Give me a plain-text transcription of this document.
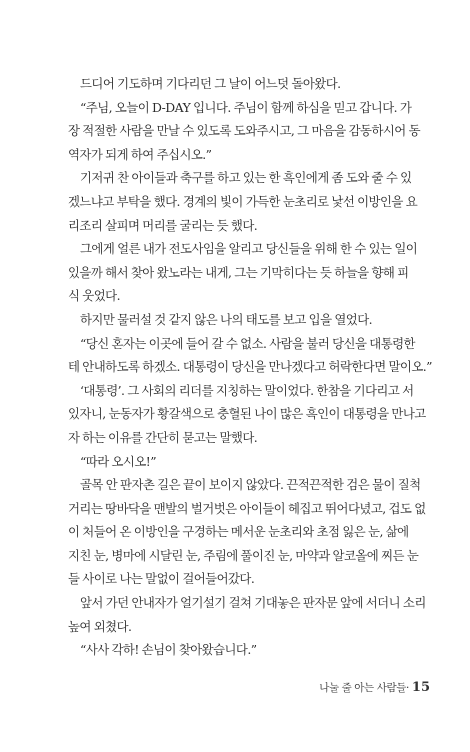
드디어 기도하며 기다리던 그 날이 어느덧 돌아왔다.

“주님, 오늘이 D-DAY 입니다. 주님이 함께 하심을 믿고 갑니다. 가
장 적절한 사람을 만날 수 있도록 도와주시고, 그 마음을 감동하시어 동
역자가 되게 하여 주십시오.”

기저귀 찬 아이들과 축구를 하고 있는 한 흑인에게 좀 도와 줄 수 있
겠느냐고 부탁을 했다. 경계의 빛이 가득한 눈초리로 낯선 이방인을 요
리조리 살피며 머리를 굴리는 듯 했다.

그에게 얼른 내가 전도사임을 알리고 당신들을 위해 한 수 있는 일이
있을까 해서 찾아 왔노라는 내게, 그는 기막히다는 듯 하늘을 향해 피
식 웃었다.

하지만 물러설 것 같지 않은 나의 태도를 보고 입을 열었다.

“당신 혼자는 이곳에 들어 갈 수 없소. 사람을 불러 당신을 대통령한
테 안내하도록 하겠소. 대통령이 당신을 만나겠다고 허락한다면 말이오.”

‘대통령’. 그 사회의 리더를 지칭하는 말이었다. 한참을 기다리고 서
있자니, 눈동자가 황갈색으로 충혈된 나이 많은 흑인이 대통령을 만나고
자 하는 이유를 간단히 묻고는 말했다.

“따라 오시오!”

골목 안 판자촌 길은 끝이 보이지 않았다. 끈적끈적한 검은 물이 질척
거리는 땅바닥을 맨발의 벌거벗은 아이들이 헤집고 뛰어다녔고, 겁도 없
이 처들어 온 이방인을 구경하는 메서운 눈초리와 초점 잃은 눈, 삶에
지친 눈, 병마에 시달린 눈, 주림에 풀이진 눈, 마약과 알코올에 찌든 눈
들 사이로 나는 말없이 걸어들어갔다.

앞서 가던 안내자가 얼기설기 걸쳐 기대놓은 판자문 앞에 서더니 소리
높여 외쳤다.

“사사 각하! 손님이 찾아왔습니다.”

나눌 줄 아는 사람들· 15
